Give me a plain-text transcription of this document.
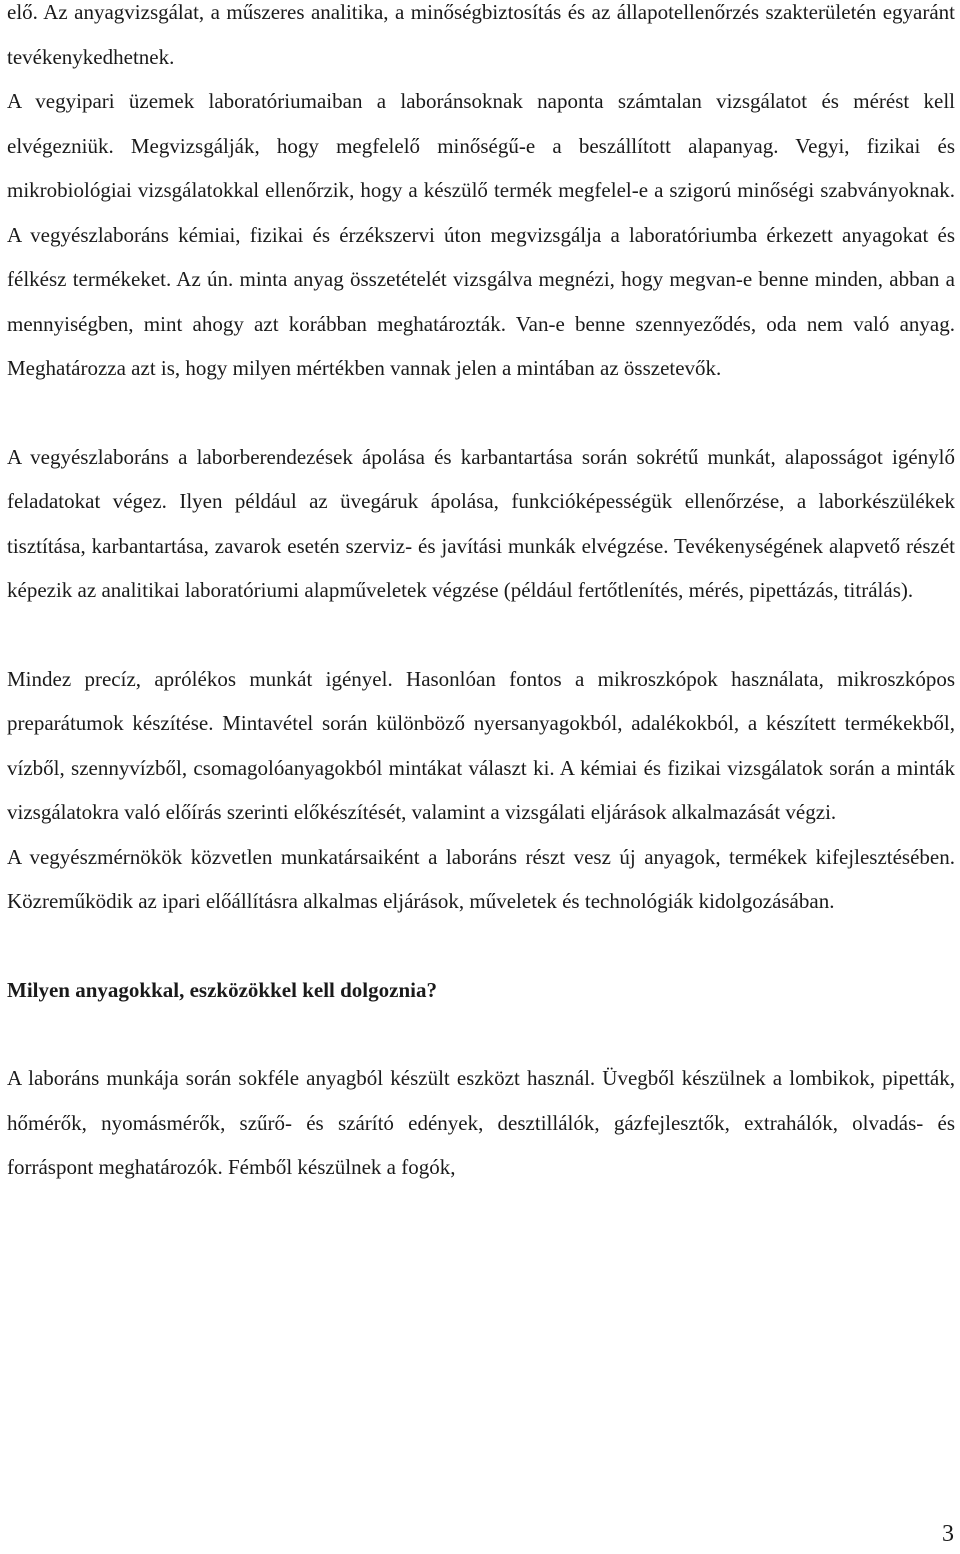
elő. Az anyagvizsgálat, a műszeres analitika, a minőségbiztosítás és az állapotellenőrzés szakterületén egyaránt tevékenykedhetnek.

A vegyipari üzemek laboratóriumaiban a laboránsoknak naponta számtalan vizsgálatot és mérést kell elvégezniük. Megvizsgálják, hogy megfelelő minőségű-e a beszállított alapanyag. Vegyi, fizikai és mikrobiológiai vizsgálatokkal ellenőrzik, hogy a készülő termék megfelel-e a szigorú minőségi szabványoknak. A vegyészlaboráns kémiai, fizikai és érzékszervi úton megvizsgálja a laboratóriumba érkezett anyagokat és félkész termékeket. Az ún. minta anyag összetételét vizsgálva megnézi, hogy megvan-e benne minden, abban a mennyiségben, mint ahogy azt korábban meghatározták. Van-e benne szennyeződés, oda nem való anyag. Meghatározza azt is, hogy milyen mértékben vannak jelen a mintában az összetevők.

A vegyészlaboráns a laborberendezések ápolása és karbantartása során sokrétű munkát, alaposságot igénylő feladatokat végez. Ilyen például az üvegáruk ápolása, funkcióképességük ellenőrzése, a laborkészülékek tisztítása, karbantartása, zavarok esetén szerviz- és javítási munkák elvégzése. Tevékenységének alapvető részét képezik az analitikai laboratóriumi alapműveletek végzése (például fertőtlenítés, mérés, pipettázás, titrálás).

Mindez precíz, aprólékos munkát igényel. Hasonlóan fontos a mikroszkópok használata, mikroszkópos preparátumok készítése. Mintavétel során különböző nyersanyagokból, adalékokból, a készített termékekből, vízből, szennyvízből, csomagolóanyagokból mintákat választ ki. A kémiai és fizikai vizsgálatok során a minták vizsgálatokra való előírás szerinti előkészítését, valamint a vizsgálati eljárások alkalmazását végzi.

A vegyészmérnökök közvetlen munkatársaiként a laboráns részt vesz új anyagok, termékek kifejlesztésében. Közreműködik az ipari előállításra alkalmas eljárások, műveletek és technológiák kidolgozásában.

Milyen anyagokkal, eszközökkel kell dolgoznia?

A laboráns munkája során sokféle anyagból készült eszközt használ. Üvegből készülnek a lombikok, pipetták, hőmérők, nyomásmérők, szűrő- és szárító edények, desztillálók, gázfejlesztők, extrahálók, olvadás- és forráspont meghatározók. Fémből készülnek a fogók,

3
